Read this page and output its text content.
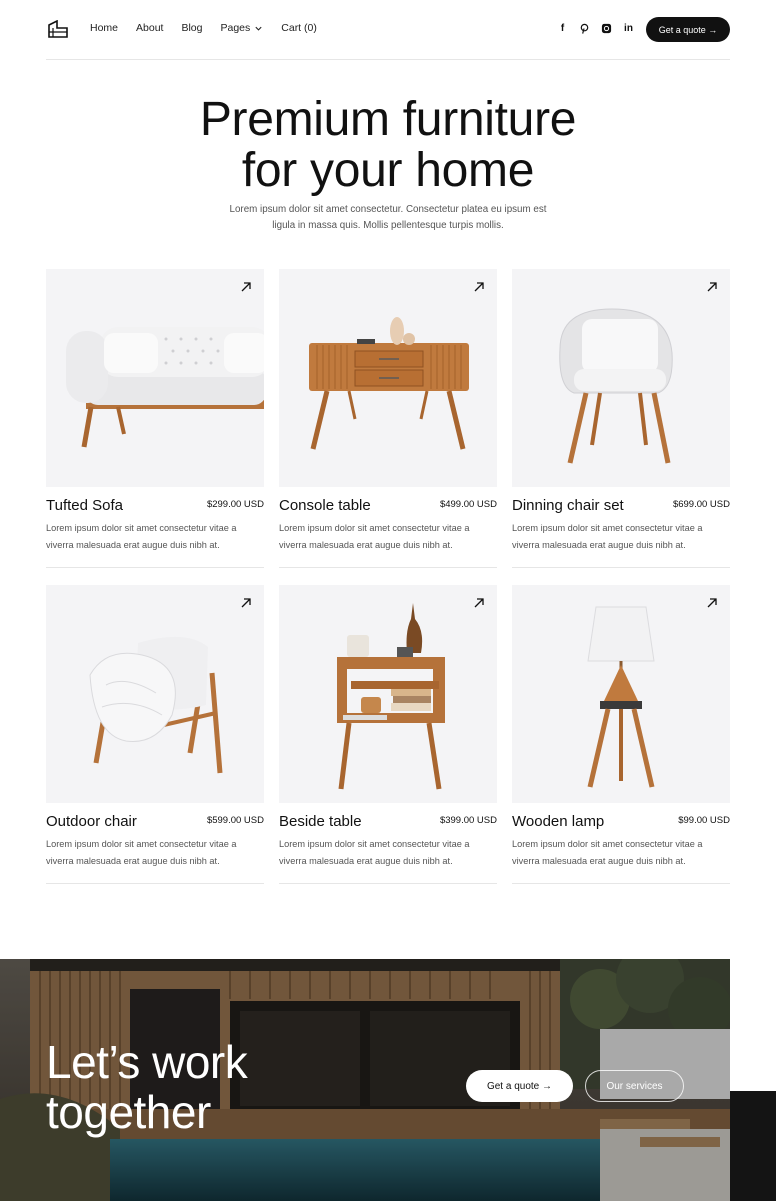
Home About Blog Pages	Cart (0)	f	in	Get a quote →
Premium furniture
for your home
Lorem ipsum dolor sit amet consectetur. Consectetur platea eu ipsum est ligula in massa quis. Mollis pellentesque turpis mollis.
Tufted Sofa	$299.00 USD
Lorem ipsum dolor sit amet consectetur vitae a viverra malesuada erat augue duis nibh at.
Console table	$499.00 USD
Lorem ipsum dolor sit amet consectetur vitae a viverra malesuada erat augue duis nibh at.
Dinning chair set	$699.00 USD
Lorem ipsum dolor sit amet consectetur vitae a viverra malesuada erat augue duis nibh at.
Outdoor chair	$599.00 USD
Lorem ipsum dolor sit amet consectetur vitae a viverra malesuada erat augue duis nibh at.
Beside table	$399.00 USD
Lorem ipsum dolor sit amet consectetur vitae a viverra malesuada erat augue duis nibh at.
Wooden lamp	$99.00 USD
Lorem ipsum dolor sit amet consectetur vitae a viverra malesuada erat augue duis nibh at.
Let’s work
together	Get a quote →	Our services
